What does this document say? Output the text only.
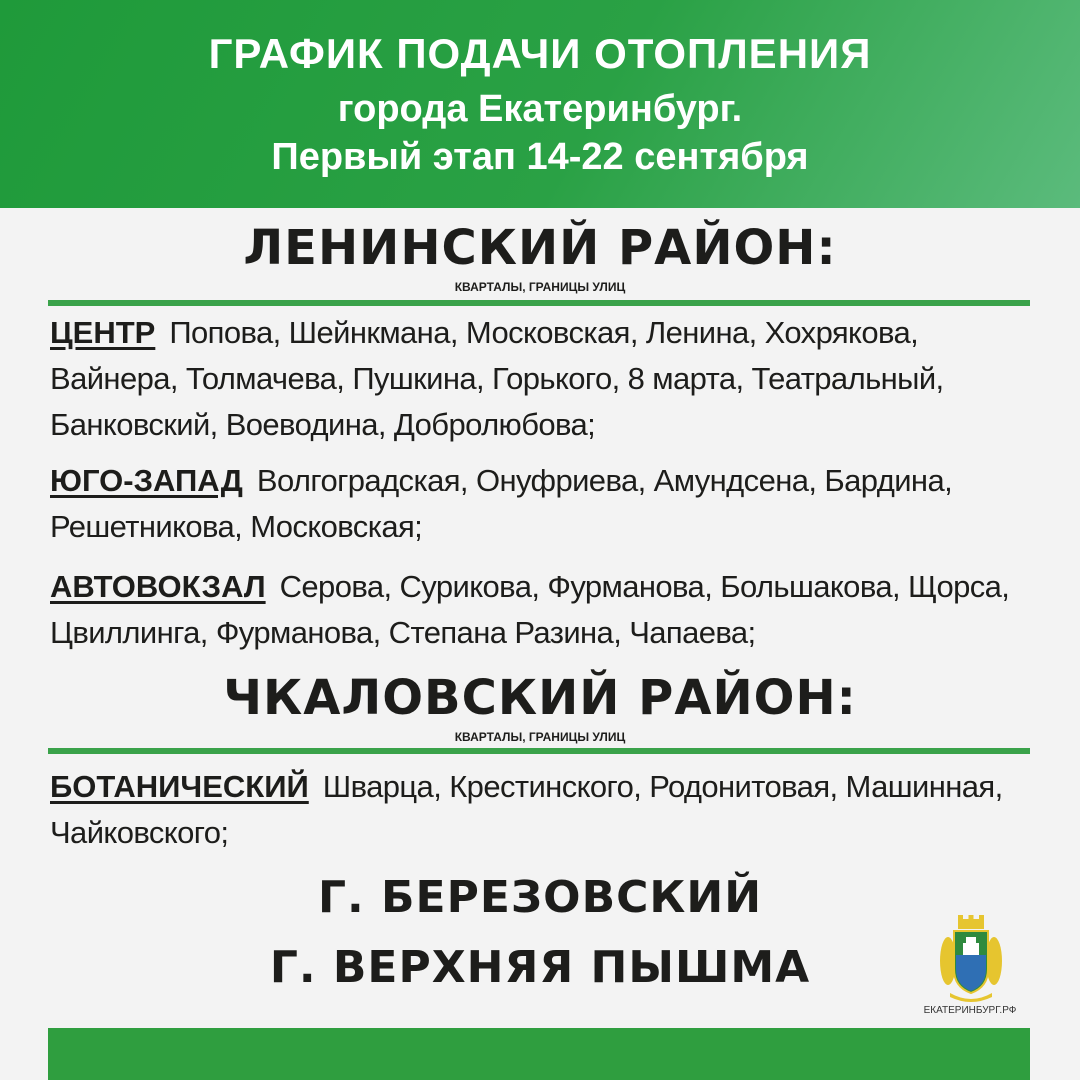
ГРАФИК ПОДАЧИ ОТОПЛЕНИЯ
города Екатеринбург.
Первый этап 14-22 сентября
ЛЕНИНСКИЙ РАЙОН:
КВАРТАЛЫ, ГРАНИЦЫ УЛИЦ
ЦЕНТР Попова, Шейнкмана, Московская, Ленина, Хохрякова, Вайнера, Толмачева, Пушкина, Горького, 8 марта, Театральный, Банковский, Воеводина, Добролюбова;
ЮГО-ЗАПАД Волгоградская, Онуфриева, Амундсена, Бардина, Решетникова, Московская;
АВТОВОКЗАЛ Серова, Сурикова, Фурманова, Большакова, Щорса, Цвиллинга, Фурманова, Степана Разина, Чапаева;
ЧКАЛОВСКИЙ РАЙОН:
КВАРТАЛЫ, ГРАНИЦЫ УЛИЦ
БОТАНИЧЕСКИЙ Шварца, Крестинского, Родонитовая, Машинная, Чайковского;
Г. БЕРЕЗОВСКИЙ
Г. ВЕРХНЯЯ ПЫШМА
ЕКАТЕРИНБУРГ.РФ
